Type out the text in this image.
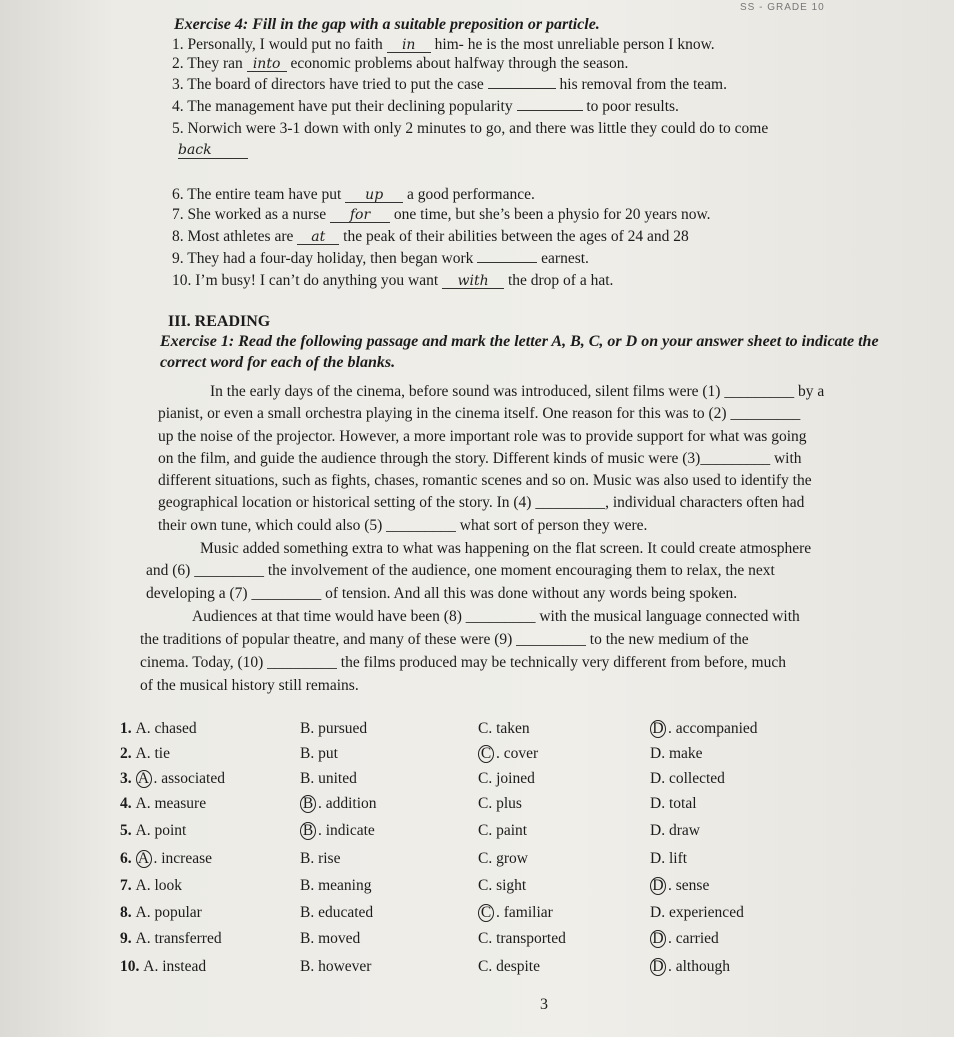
SS - GRADE 10
Exercise 4: Fill in the gap with a suitable preposition or particle.
1. Personally, I would put no faith in him- he is the most unreliable person I know.
2. They ran into economic problems about halfway through the season.
3. The board of directors have tried to put the case	his removal from the team.
4. The management have put their declining popularity	to poor results.
5. Norwich were 3-1 down with only 2 minutes to go, and there was little they could do to come
back
6. The entire team have put up a good performance.
7. She worked as a nurse for one time, but she’s been a physio for 20 years now.
8. Most athletes are at the peak of their abilities between the ages of 24 and 28
9. They had a four-day holiday, then began work	earnest.
10. I’m busy! I can’t do anything you want with the drop of a hat.
III. READING
Exercise 1: Read the following passage and mark the letter A, B, C, or D on your answer sheet to indicate the correct word for each of the blanks.
In the early days of the cinema, before sound was introduced, silent films were (1) _________ by a
pianist, or even a small orchestra playing in the cinema itself. One reason for this was to (2) _________
up the noise of the projector. However, a more important role was to provide support for what was going
on the film, and guide the audience through the story. Different kinds of music were (3)_________ with
different situations, such as fights, chases, romantic scenes and so on. Music was also used to identify the
geographical location or historical setting of the story. In (4) _________, individual characters often had
their own tune, which could also (5) _________ what sort of person they were.
Music added something extra to what was happening on the flat screen. It could create atmosphere
and (6) _________ the involvement of the audience, one moment encouraging them to relax, the next
developing a (7) _________ of tension. And all this was done without any words being spoken.
Audiences at that time would have been (8) _________ with the musical language connected with
the traditions of popular theatre, and many of these were (9) _________ to the new medium of the
cinema. Today, (10) _________ the films produced may be technically very different from before, much
of the musical history still remains.
1. A. chased	B. pursued	C. taken	D . accompanied
2. A. tie	B. put	C . cover	D. make
3. A . associated	B. united	C. joined	D. collected
4. A. measure	B . addition	C. plus	D. total
5. A. point	B . indicate	C. paint	D. draw
6. A . increase	B. rise	C. grow	D. lift
7. A. look	B. meaning	C. sight	D . sense
8. A. popular	B. educated	C . familiar	D. experienced
9. A. transferred	B. moved	C. transported	D . carried
10. A. instead	B. however	C. despite	D . although
3
